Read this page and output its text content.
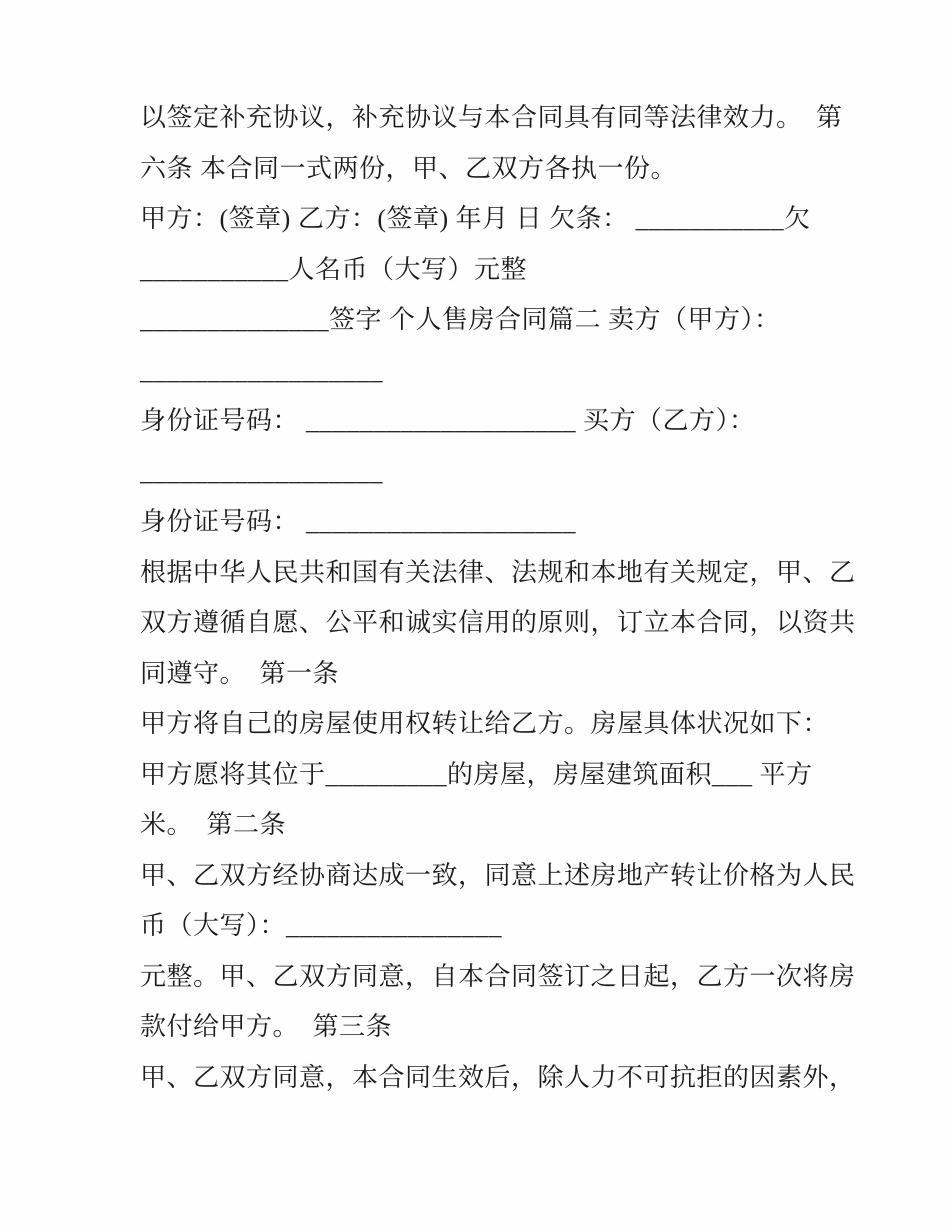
以签定补充协议，补充协议与本合同具有同等法律效力。　第
六条 本合同一式两份，甲、乙双方各执一份。
甲方：(签章) 乙方：(签章) 年月 日 欠条： ___________欠
___________人名币（大写）元整
______________签字 个人售房合同篇二 卖方（甲方）：
__________________
身份证号码： ____________________ 买方（乙方）：
__________________
身份证号码： ____________________
根据中华人民共和国有关法律、法规和本地有关规定，甲、乙
双方遵循自愿、公平和诚实信用的原则，订立本合同，以资共
同遵守。　第一条
甲方将自己的房屋使用权转让给乙方。房屋具体状况如下：
甲方愿将其位于_________的房屋，房屋建筑面积___ 平方
米。　第二条
甲、乙双方经协商达成一致，同意上述房地产转让价格为人民
币（大写）：________________
元整。甲、乙双方同意，自本合同签订之日起，乙方一次将房
款付给甲方。　第三条
甲、乙双方同意，本合同生效后，除人力不可抗拒的因素外，
